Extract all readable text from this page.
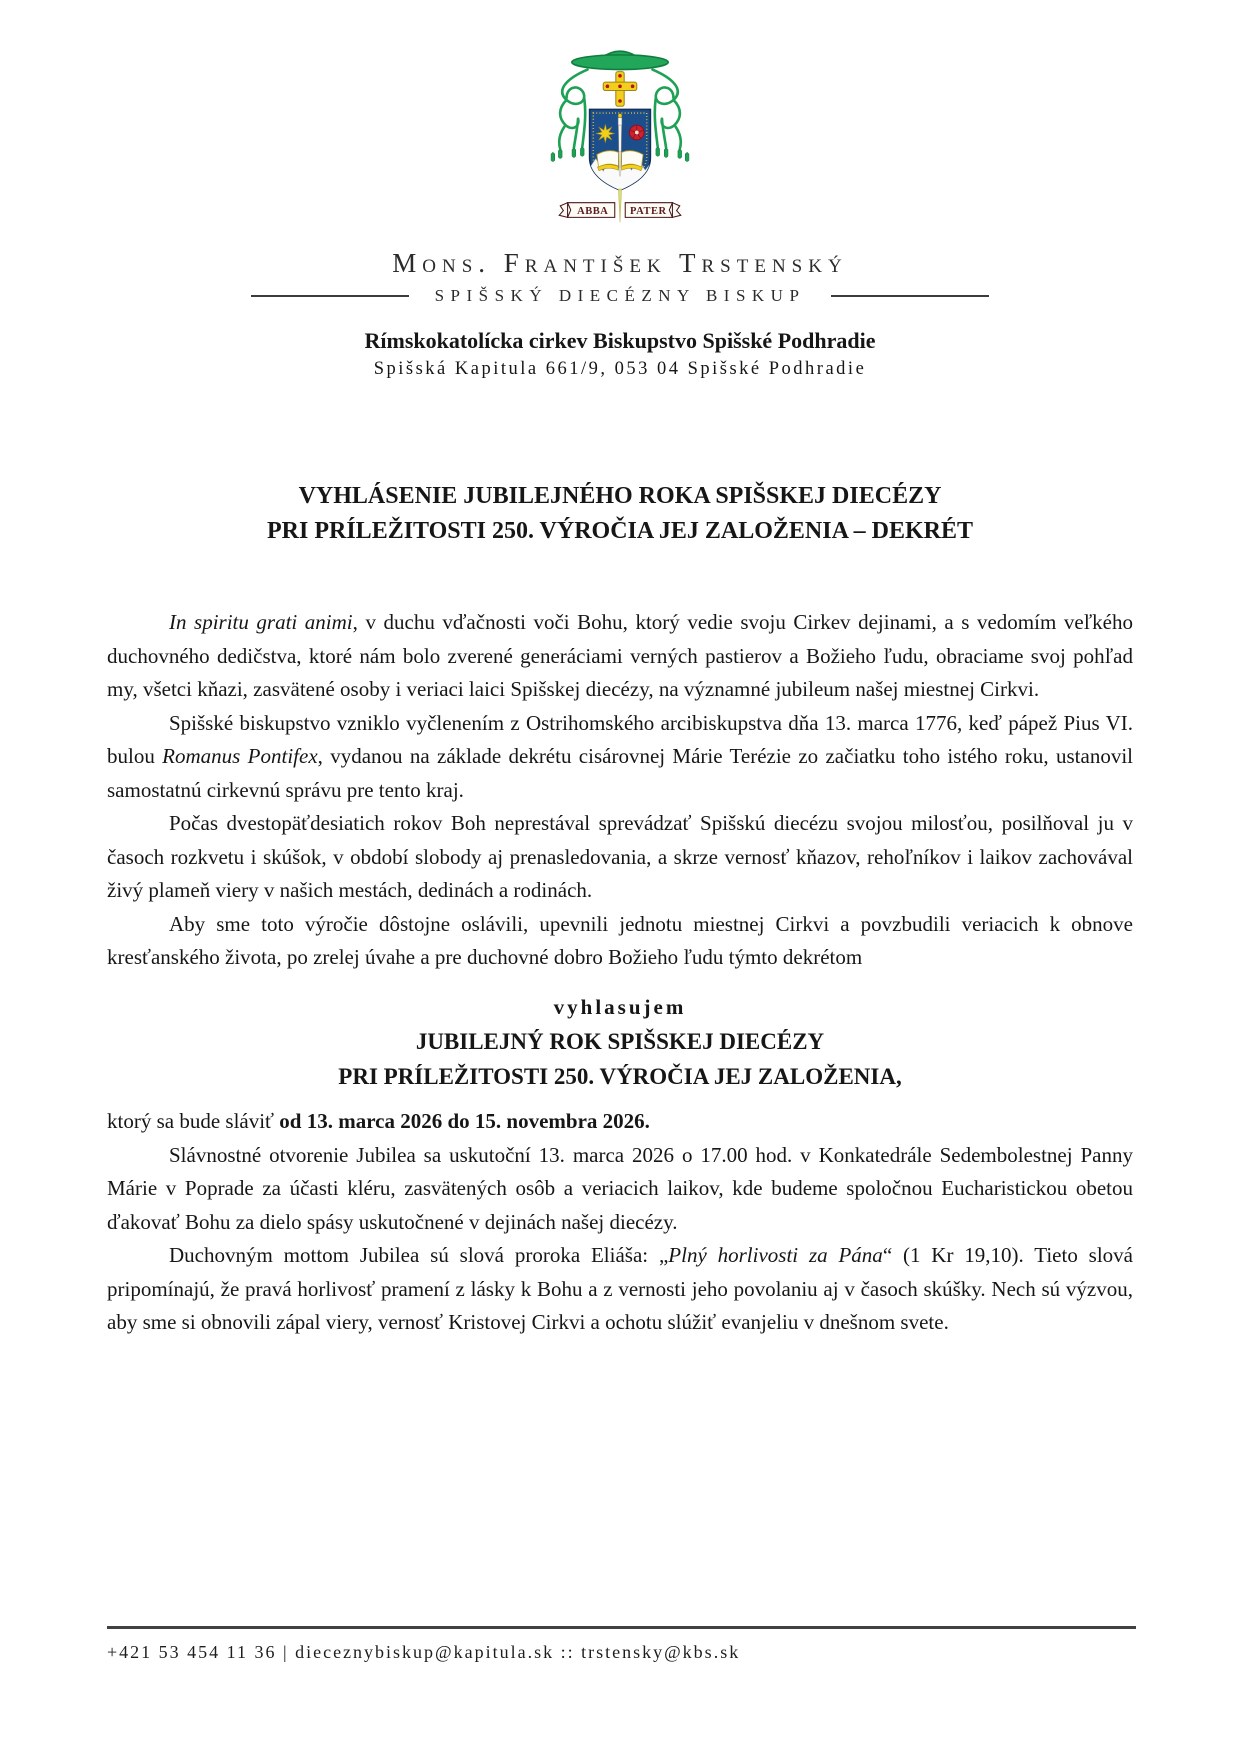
ABBA PATER
Mons. František Trstenský
SPIŠSKÝ DIECÉZNY BISKUP
Rímskokatolícka cirkev Biskupstvo Spišské Podhradie
Spišská Kapitula 661/9, 053 04 Spišské Podhradie
VYHLÁSENIE JUBILEJNÉHO ROKA SPIŠSKEJ DIECÉZY
PRI PRÍLEŽITOSTI 250. VÝROČIA JEJ ZALOŽENIA – DEKRÉT

In spiritu grati animi, v duchu vďačnosti voči Bohu, ktorý vedie svoju Cirkev dejinami, a s vedomím veľkého duchovného dedičstva, ktoré nám bolo zverené generáciami verných pastierov a Božieho ľudu, obraciame svoj pohľad my, všetci kňazi, zasvätené osoby i veriaci laici Spišskej diecézy, na významné jubileum našej miestnej Cirkvi.

Spišské biskupstvo vzniklo vyčlenením z Ostrihomského arcibiskupstva dňa 13. marca 1776, keď pápež Pius VI. bulou Romanus Pontifex, vydanou na základe dekrétu cisárovnej Márie Terézie zo začiatku toho istého roku, ustanovil samostatnú cirkevnú správu pre tento kraj.

Počas dvestopäťdesiatich rokov Boh neprestával sprevádzať Spišskú diecézu svojou milosťou, posilňoval ju v časoch rozkvetu i skúšok, v období slobody aj prenasledovania, a skrze vernosť kňazov, rehoľníkov i laikov zachovával živý plameň viery v našich mestách, dedinách a rodinách.

Aby sme toto výročie dôstojne oslávili, upevnili jednotu miestnej Cirkvi a povzbudili veriacich k obnove kresťanského života, po zrelej úvahe a pre duchovné dobro Božieho ľudu týmto dekrétom

vyhlasujem

JUBILEJNÝ ROK SPIŠSKEJ DIECÉZY

PRI PRÍLEŽITOSTI 250. VÝROČIA JEJ ZALOŽENIA,

ktorý sa bude sláviť od 13. marca 2026 do 15. novembra 2026.

Slávnostné otvorenie Jubilea sa uskutoční 13. marca 2026 o 17.00 hod. v Konkatedrále Sedembolestnej Panny Márie v Poprade za účasti kléru, zasvätených osôb a veriacich laikov, kde budeme spoločnou Eucharistickou obetou ďakovať Bohu za dielo spásy uskutočnené v dejinách našej diecézy.

Duchovným mottom Jubilea sú slová proroka Eliáša: „Plný horlivosti za Pána“ (1 Kr 19,10). Tieto slová pripomínajú, že pravá horlivosť pramení z lásky k Bohu a z vernosti jeho povolaniu aj v časoch skúšky. Nech sú výzvou, aby sme si obnovili zápal viery, vernosť Kristovej Cirkvi a ochotu slúžiť evanjeliu v dnešnom svete.

+421 53 454 11 36 | dieceznybiskup@kapitula.sk :: trstensky@kbs.sk
